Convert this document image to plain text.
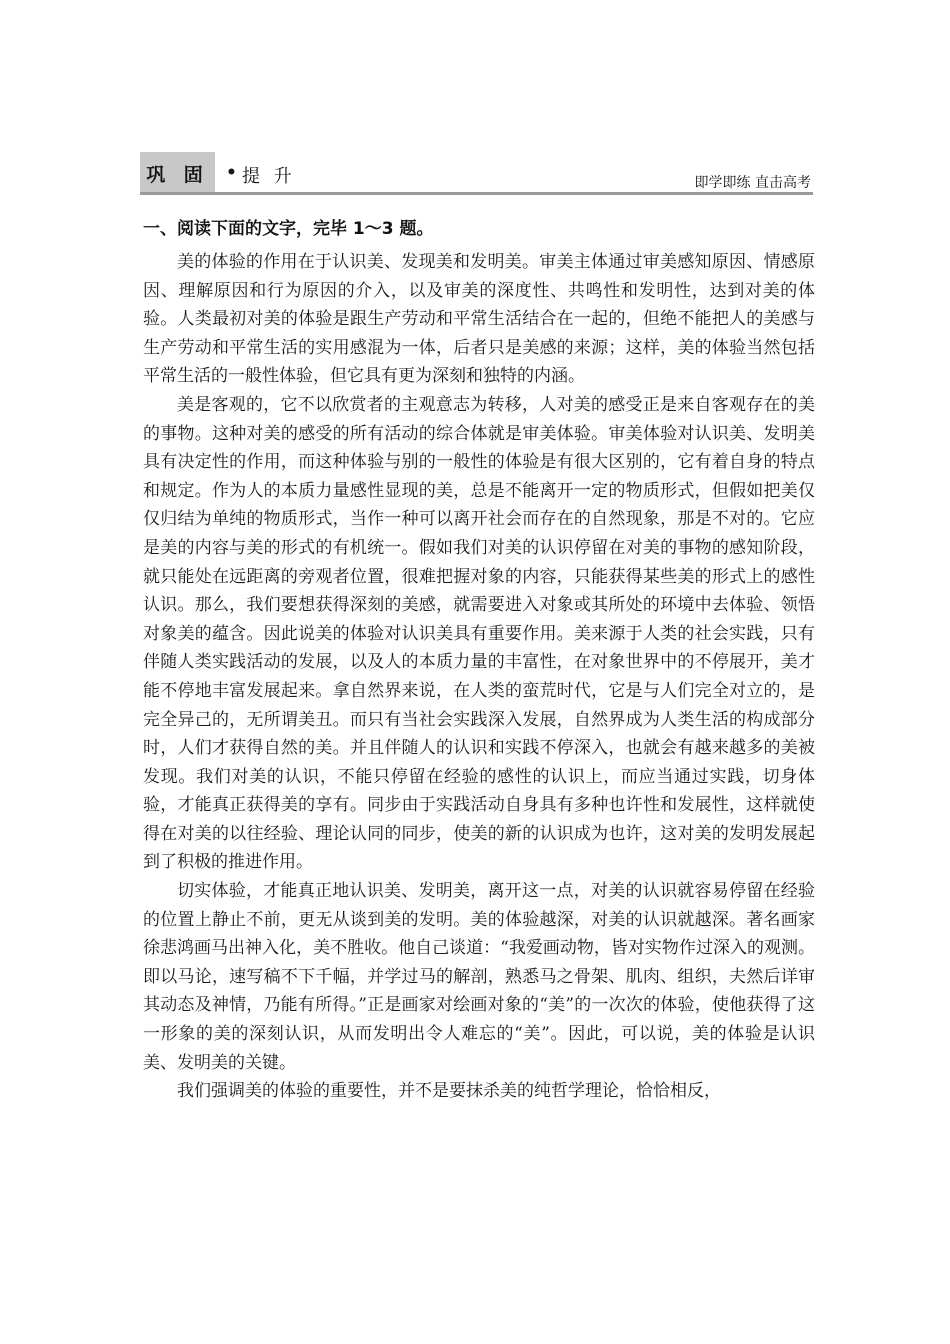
巩 固	• 提 升	即学即练 直击高考
一、阅读下面的文字，完毕 1～3 题。

美的体验的作用在于认识美、发现美和发明美。审美主体通过审美感知原因、情感原因、理解原因和行为原因的介入，以及审美的深度性、共鸣性和发明性，达到对美的体验。人类最初对美的体验是跟生产劳动和平常生活结合在一起的，但绝不能把人的美感与生产劳动和平常生活的实用感混为一体，后者只是美感的来源；这样，美的体验当然包括平常生活的一般性体验，但它具有更为深刻和独特的内涵。

美是客观的，它不以欣赏者的主观意志为转移，人对美的感受正是来自客观存在的美的事物。这种对美的感受的所有活动的综合体就是审美体验。审美体验对认识美、发明美具有决定性的作用，而这种体验与别的一般性的体验是有很大区别的，它有着自身的特点和规定。作为人的本质力量感性显现的美，总是不能离开一定的物质形式，但假如把美仅仅归结为单纯的物质形式，当作一种可以离开社会而存在的自然现象，那是不对的。它应是美的内容与美的形式的有机统一。假如我们对美的认识停留在对美的事物的感知阶段，就只能处在远距离的旁观者位置，很难把握对象的内容，只能获得某些美的形式上的感性认识。那么，我们要想获得深刻的美感，就需要进入对象或其所处的环境中去体验、领悟对象美的蕴含。因此说美的体验对认识美具有重要作用。美来源于人类的社会实践，只有伴随人类实践活动的发展，以及人的本质力量的丰富性，在对象世界中的不停展开，美才能不停地丰富发展起来。拿自然界来说，在人类的蛮荒时代，它是与人们完全对立的，是完全异己的，无所谓美丑。而只有当社会实践深入发展，自然界成为人类生活的构成部分时，人们才获得自然的美。并且伴随人的认识和实践不停深入，也就会有越来越多的美被发现。我们对美的认识，不能只停留在经验的感性的认识上，而应当通过实践，切身体验，才能真正获得美的享有。同步由于实践活动自身具有多种也许性和发展性，这样就使得在对美的以往经验、理论认同的同步，使美的新的认识成为也许，这对美的发明发展起到了积极的推进作用。

切实体验，才能真正地认识美、发明美，离开这一点，对美的认识就容易停留在经验的位置上静止不前，更无从谈到美的发明。美的体验越深，对美的认识就越深。著名画家徐悲鸿画马出神入化，美不胜收。他自己谈道：“我爱画动物，皆对实物作过深入的观测。即以马论，速写稿不下千幅，并学过马的解剖，熟悉马之骨架、肌肉、组织，夫然后详审其动态及神情，乃能有所得。”正是画家对绘画对象的“美”的一次次的体验，使他获得了这一形象的美的深刻认识，从而发明出令人难忘的“美”。因此，可以说，美的体验是认识美、发明美的关键。

我们强调美的体验的重要性，并不是要抹杀美的纯哲学理论，恰恰相反，
